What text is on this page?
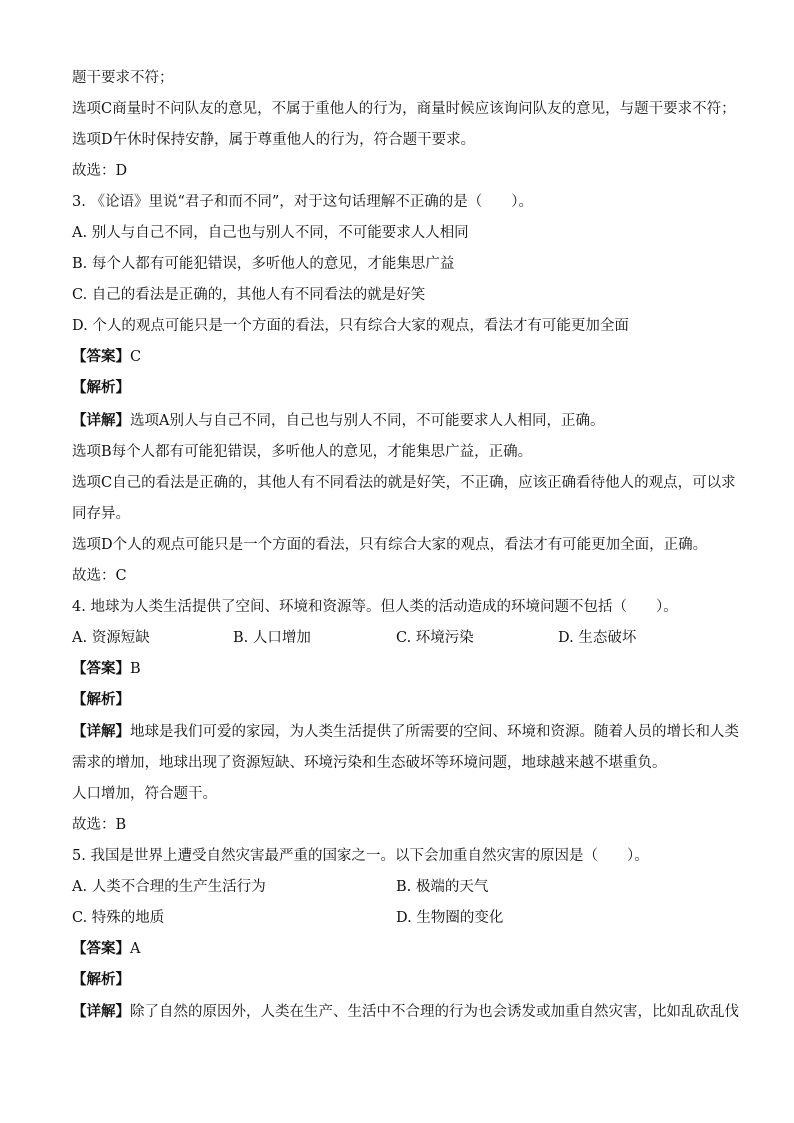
题干要求不符；
选项C商量时不问队友的意见，不属于重他人的行为，商量时候应该询问队友的意见，与题干要求不符；
选项D午休时保持安静，属于尊重他人的行为，符合题干要求。
故选：D
3. 《论语》里说“君子和而不同”，对于这句话理解不正确的是（　　）。
A. 别人与自己不同，自己也与别人不同，不可能要求人人相同
B. 每个人都有可能犯错误，多听他人的意见，才能集思广益
C. 自己的看法是正确的，其他人有不同看法的就是好笑
D. 个人的观点可能只是一个方面的看法，只有综合大家的观点，看法才有可能更加全面
【答案】C
【解析】
【详解】选项A别人与自己不同，自己也与别人不同，不可能要求人人相同，正确。
选项B每个人都有可能犯错误，多听他人的意见，才能集思广益，正确。
选项C自己的看法是正确的，其他人有不同看法的就是好笑，不正确，应该正确看待他人的观点，可以求
同存异。
选项D个人的观点可能只是一个方面的看法，只有综合大家的观点，看法才有可能更加全面，正确。
故选：C
4. 地球为人类生活提供了空间、环境和资源等。但人类的活动造成的环境问题不包括（　　）。
A. 资源短缺	B. 人口增加	C. 环境污染	D. 生态破坏
【答案】B
【解析】
【详解】地球是我们可爱的家园，为人类生活提供了所需要的空间、环境和资源。随着人员的增长和人类
需求的增加，地球出现了资源短缺、环境污染和生态破坏等环境问题，地球越来越不堪重负。
人口增加，符合题干。
故选：B
5. 我国是世界上遭受自然灾害最严重的国家之一。以下会加重自然灾害的原因是（　　）。
A. 人类不合理的生产生活行为	B. 极端的天气
C. 特殊的地质	D. 生物圈的变化
【答案】A
【解析】
【详解】除了自然的原因外，人类在生产、生活中不合理的行为也会诱发或加重自然灾害，比如乱砍乱伐
